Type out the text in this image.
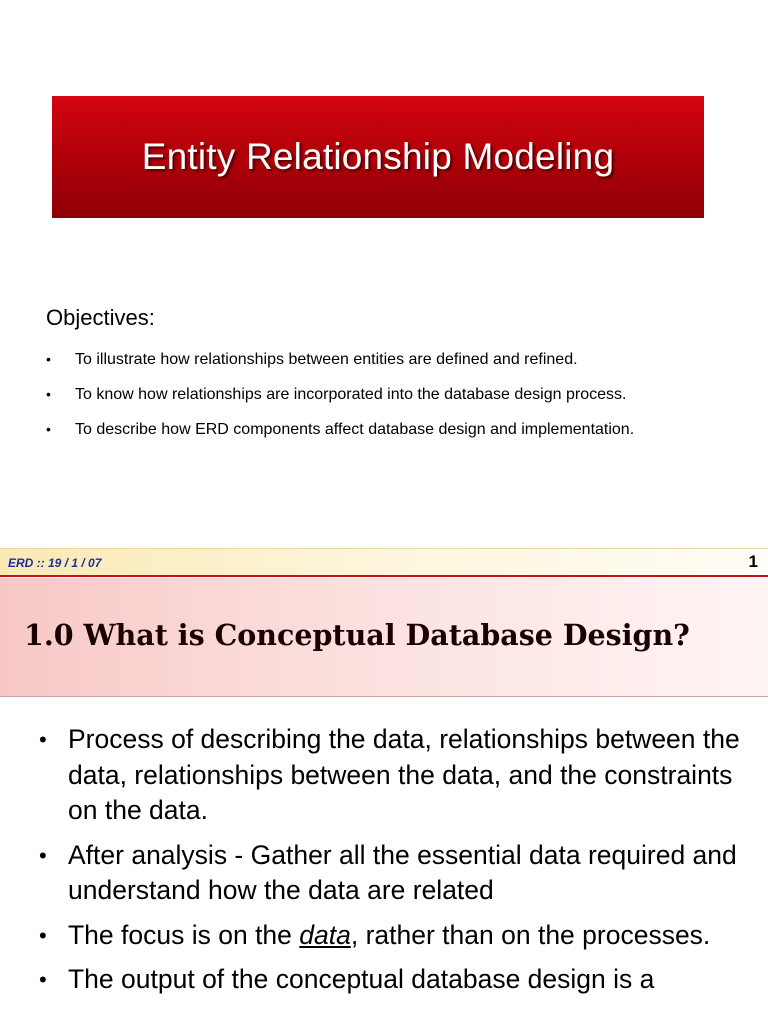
Entity Relationship Modeling
Objectives:
• To illustrate how relationships between entities are defined and refined.
• To know how relationships are incorporated into the database design process.
• To describe how ERD components affect database design and implementation.
ERD :: 19 / 1 / 07	1
1.0 What is Conceptual Database Design?
• Process of describing the data, relationships between the data, relationships between the data, and the constraints on the data.
• After analysis - Gather all the essential data required and understand how the data are related
• The focus is on the data, rather than on the processes.
• The output of the conceptual database design is a
